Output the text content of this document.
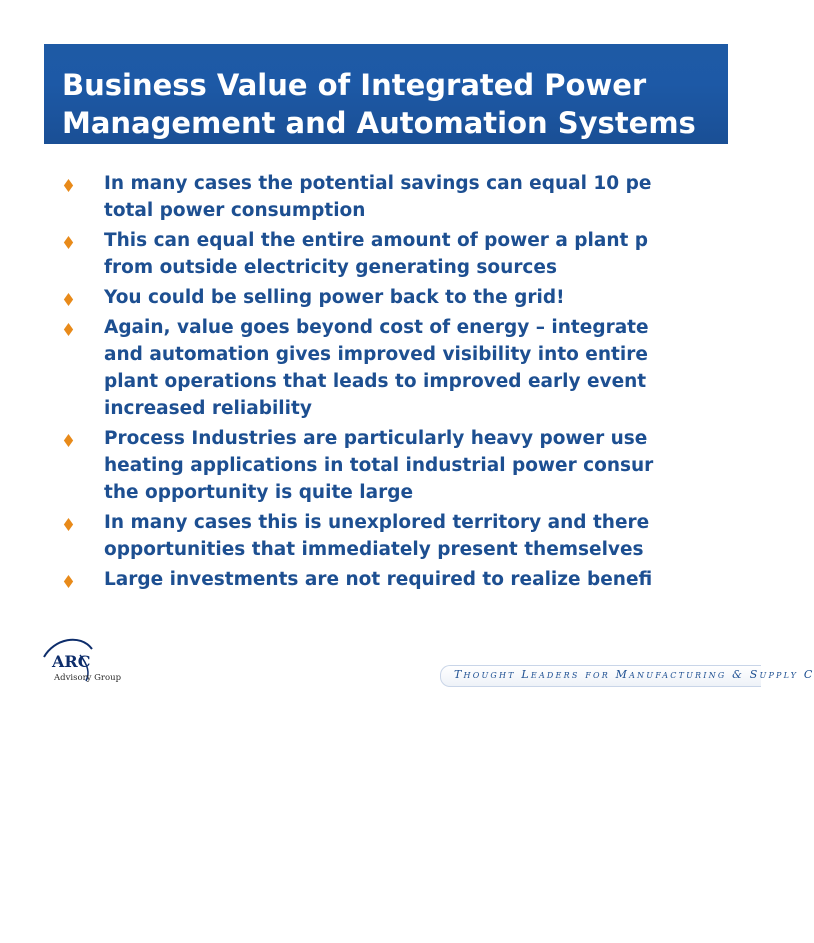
Business Value of Integrated Power
Management and Automation Systems
In many cases the potential savings can equal 10 pe
total power consumption
This can equal the entire amount of power a plant p
from outside electricity generating sources
You could be selling power back to the grid!
Again, value goes beyond cost of energy – integrate
and automation gives improved visibility into entire
plant operations that leads to improved early event
increased reliability
Process Industries are particularly heavy power use
heating applications in total industrial power consur
the opportunity is quite large
In many cases this is unexplored territory and there
opportunities that immediately present themselves
Large investments are not required to realize benefi
ARC
Advisory Group	Thought Leaders for Manufacturing & Supply C
